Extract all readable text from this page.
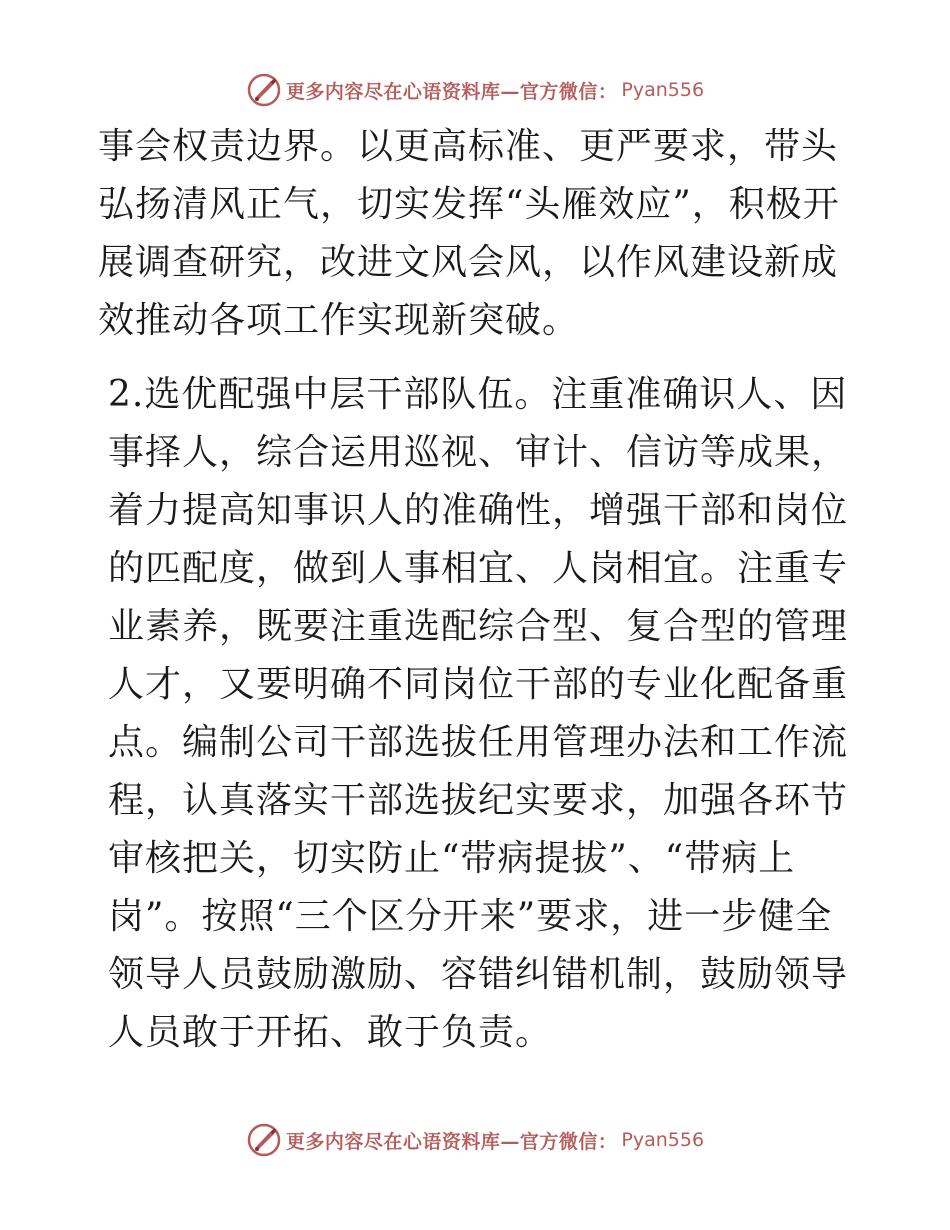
更多内容尽在心语资料库—官方微信： Pyan556

事会权责边界。以更高标准、更严要求，带头弘扬清风正气，切实发挥“头雁效应”，积极开展调查研究，改进文风会风，以作风建设新成效推动各项工作实现新突破。

2.选优配强中层干部队伍。注重准确识人、因事择人，综合运用巡视、审计、信访等成果，着力提高知事识人的准确性，增强干部和岗位的匹配度，做到人事相宜、人岗相宜。注重专业素养，既要注重选配综合型、复合型的管理人才，又要明确不同岗位干部的专业化配备重点。编制公司干部选拔任用管理办法和工作流程，认真落实干部选拔纪实要求，加强各环节审核把关，切实防止“带病提拔”、“带病上岗”。按照“三个区分开来”要求，进一步健全领导人员鼓励激励、容错纠错机制，鼓励领导人员敢于开拓、敢于负责。

更多内容尽在心语资料库—官方微信： Pyan556
